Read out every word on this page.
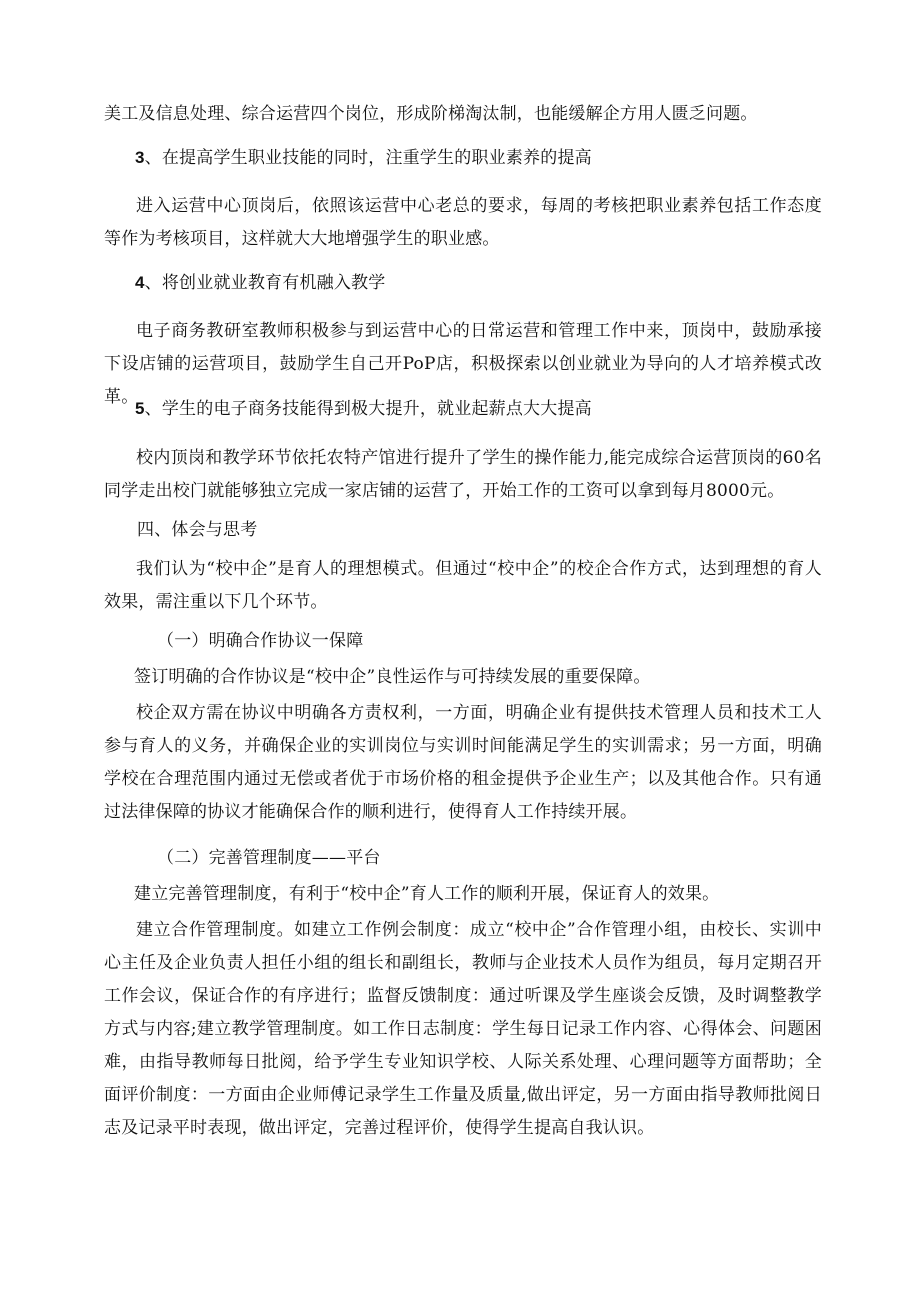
美工及信息处理、综合运营四个岗位，形成阶梯淘汰制，也能缓解企方用人匮乏问题。

3、在提高学生职业技能的同时，注重学生的职业素养的提高

进入运营中心顶岗后，依照该运营中心老总的要求，每周的考核把职业素养包括工作态度等作为考核项目，这样就大大地增强学生的职业感。

4、将创业就业教育有机融入教学

电子商务教研室教师积极参与到运营中心的日常运营和管理工作中来，顶岗中，鼓励承接下设店铺的运营项目，鼓励学生自己开PoP店，积极探索以创业就业为导向的人才培养模式改革。

5、学生的电子商务技能得到极大提升，就业起薪点大大提高

校内顶岗和教学环节依托农特产馆进行提升了学生的操作能力,能完成综合运营顶岗的60名同学走出校门就能够独立完成一家店铺的运营了，开始工作的工资可以拿到每月8000元。

四、体会与思考

我们认为“校中企”是育人的理想模式。但通过“校中企”的校企合作方式，达到理想的育人效果，需注重以下几个环节。

（一）明确合作协议一保障

签订明确的合作协议是“校中企”良性运作与可持续发展的重要保障。

校企双方需在协议中明确各方责权利，一方面，明确企业有提供技术管理人员和技术工人参与育人的义务，并确保企业的实训岗位与实训时间能满足学生的实训需求；另一方面，明确学校在合理范围内通过无偿或者优于市场价格的租金提供予企业生产；以及其他合作。只有通过法律保障的协议才能确保合作的顺利进行，使得育人工作持续开展。

（二）完善管理制度——平台

建立完善管理制度，有利于“校中企”育人工作的顺利开展，保证育人的效果。

建立合作管理制度。如建立工作例会制度：成立“校中企”合作管理小组，由校长、实训中心主任及企业负责人担任小组的组长和副组长，教师与企业技术人员作为组员，每月定期召开工作会议，保证合作的有序进行；监督反馈制度：通过听课及学生座谈会反馈，及时调整教学方式与内容;建立教学管理制度。如工作日志制度：学生每日记录工作内容、心得体会、问题困难，由指导教师每日批阅，给予学生专业知识学校、人际关系处理、心理问题等方面帮助；全面评价制度：一方面由企业师傅记录学生工作量及质量,做出评定，另一方面由指导教师批阅日志及记录平时表现，做出评定，完善过程评价，使得学生提高自我认识。
